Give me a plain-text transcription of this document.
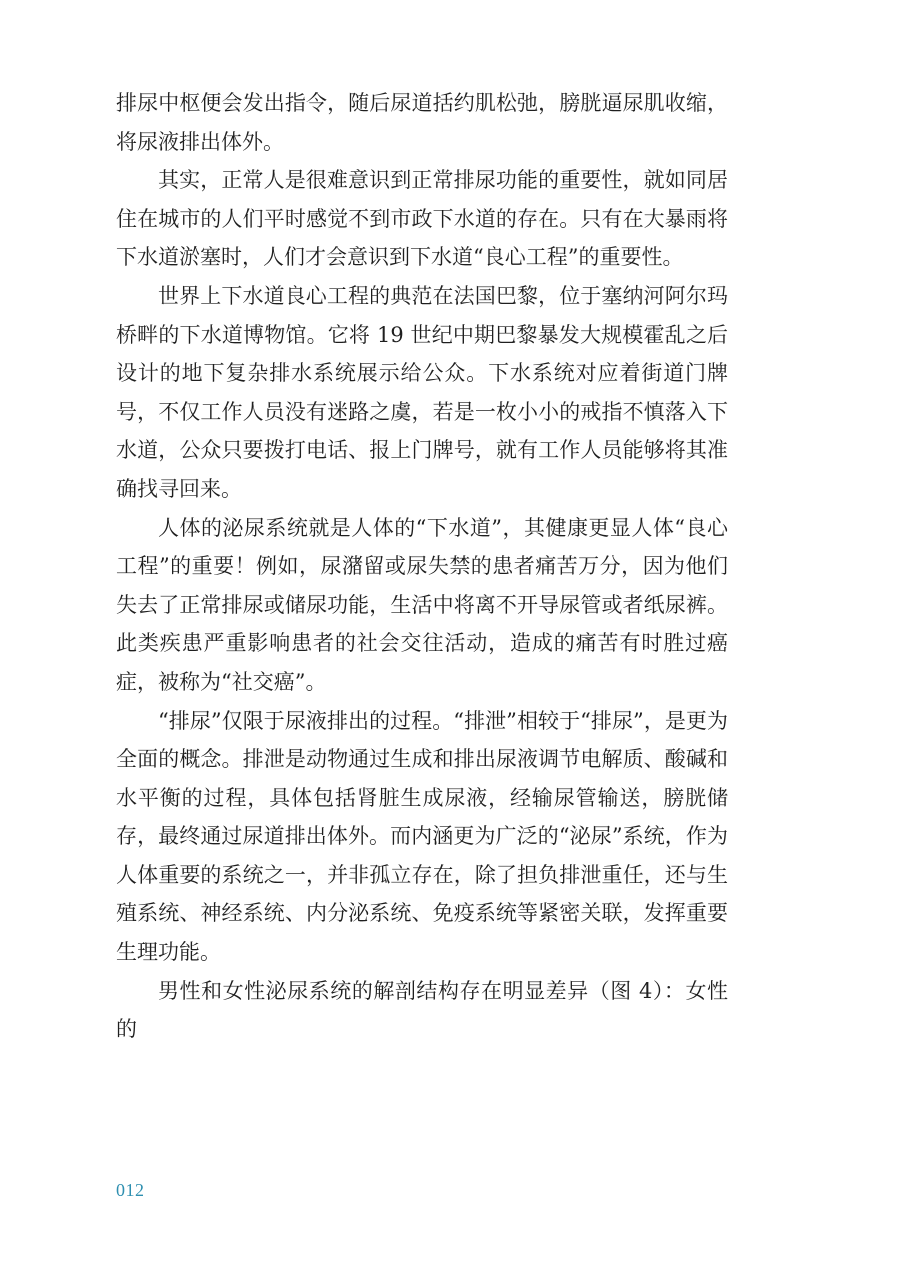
排尿中枢便会发出指令，随后尿道括约肌松弛，膀胱逼尿肌收缩，将尿液排出体外。

其实，正常人是很难意识到正常排尿功能的重要性，就如同居住在城市的人们平时感觉不到市政下水道的存在。只有在大暴雨将下水道淤塞时，人们才会意识到下水道“良心工程”的重要性。

世界上下水道良心工程的典范在法国巴黎，位于塞纳河阿尔玛桥畔的下水道博物馆。它将 19 世纪中期巴黎暴发大规模霍乱之后设计的地下复杂排水系统展示给公众。下水系统对应着街道门牌号，不仅工作人员没有迷路之虞，若是一枚小小的戒指不慎落入下水道，公众只要拨打电话、报上门牌号，就有工作人员能够将其准确找寻回来。

人体的泌尿系统就是人体的“下水道”，其健康更显人体“良心工程”的重要！例如，尿潴留或尿失禁的患者痛苦万分，因为他们失去了正常排尿或储尿功能，生活中将离不开导尿管或者纸尿裤。此类疾患严重影响患者的社会交往活动，造成的痛苦有时胜过癌症，被称为“社交癌”。

“排尿”仅限于尿液排出的过程。“排泄”相较于“排尿”，是更为全面的概念。排泄是动物通过生成和排出尿液调节电解质、酸碱和水平衡的过程，具体包括肾脏生成尿液，经输尿管输送，膀胱储存，最终通过尿道排出体外。而内涵更为广泛的“泌尿”系统，作为人体重要的系统之一，并非孤立存在，除了担负排泄重任，还与生殖系统、神经系统、内分泌系统、免疫系统等紧密关联，发挥重要生理功能。

男性和女性泌尿系统的解剖结构存在明显差异（图 4）：女性的

012
